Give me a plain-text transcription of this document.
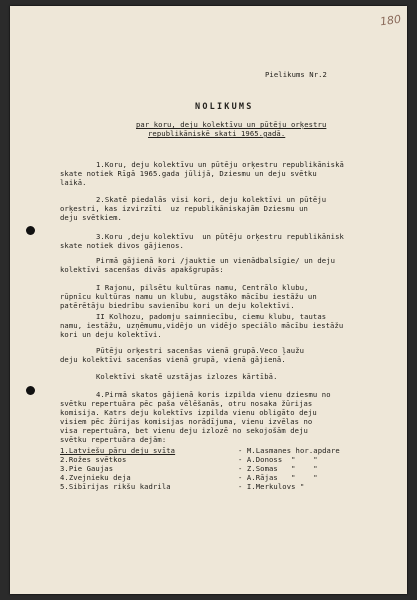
180
Pielikums Nr.2
NOLIKUMS
par koru, deju kolektīvu un pūtēju orķestru
republikāniskē skati 1965.gadā.
1.Koru, deju kolektīvu un pūtēju orķestru republikāniskā
skate notiek Rīgā 1965.gada jūlijā, Dziesmu un deju svētku
laikā.
2.Skatē piedalās visi kori, deju kolektīvi un pūtēju
orķestri, kas izvirzīti  uz republikāniskajām Dziesmu un
deju svētkiem.
3.Koru ,deju kolektīvu  un pūtēju orķestru republikānisk
skate notiek divos gājienos.
Pirmā gājienā kori /jauktie un vienādbalsīgie/ un deju
kolektīvi sacenšas divās apakšgrupās:
I Rajonu, pilsētu kultūras namu, Centrālo klubu,
rūpnīcu kultūras namu un klubu, augstāko mācību iestāžu un
patērētāju biedrību savienību kori un deju kolektīvi.
II Kolhozu, padomju saimniecību, ciemu klubu, tautas
namu, iestāžu, uzņēmumu,vidējo un vidējo speciālo mācību iestāžu
kori un deju kolektīvi.
Pūtēju orķestri sacenšas vienā grupā.Veco ļaužu
deju kolektīvi sacenšas vienā grupā, vienā gājienā.
Kolektīvi skatē uzstājas izlozes kārtībā.
4.Pirmā skatos gājienā koris izpilda vienu dziesmu no
svētku repertuāra pēc paša vēlēšanās, otru nosaka žūrijas
komisija. Katrs deju kolektīvs izpilda vienu obligāto deju
visiem pēc žūrijas komisijas norādījuma, vienu izvēlas no
visa repertuāra, bet vienu deju izlozē no sekojošām deju
svētku repertuāra dejām:
1.Latviešu pāru deju svīta	- M.Lasmanes hor.apdare
2.Rožes svētkos	- A.Donoss  "    "
3.Pie Gaujas	- Z.Somas   "    "
4.Zvejnieku deja	- A.Rājas   "    "
5.Sibīrijas rikšu kadrila	- I.Merkulovs "
